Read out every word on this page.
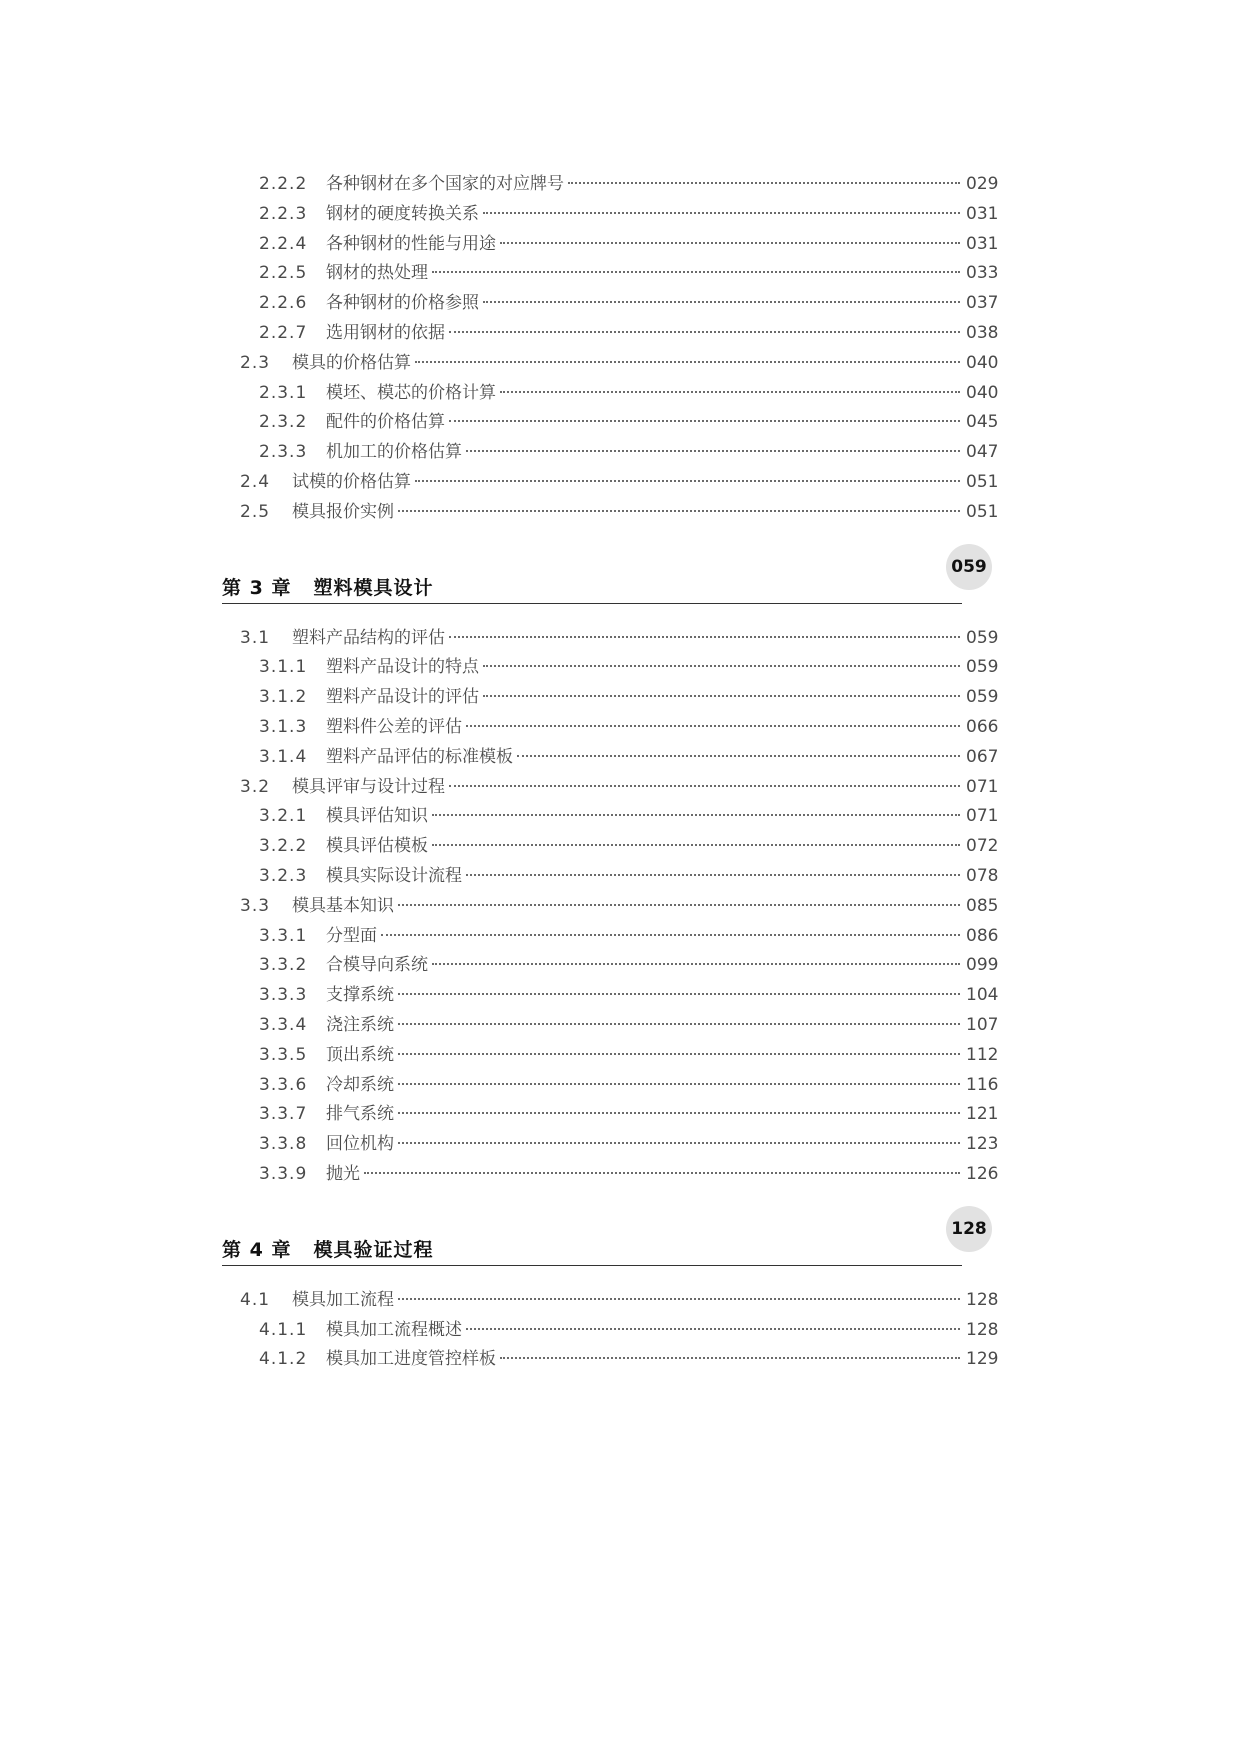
2.2.2	各种钢材在多个国家的对应牌号	029
2.2.3	钢材的硬度转换关系	031
2.2.4	各种钢材的性能与用途	031
2.2.5	钢材的热处理	033
2.2.6	各种钢材的价格参照	037
2.2.7	选用钢材的依据	038
2.3	模具的价格估算	040
2.3.1	模坯、模芯的价格计算	040
2.3.2	配件的价格估算	045
2.3.3	机加工的价格估算	047
2.4	试模的价格估算	051
2.5	模具报价实例	051
第 3 章 塑料模具设计
059
3.1	塑料产品结构的评估	059
3.1.1	塑料产品设计的特点	059
3.1.2	塑料产品设计的评估	059
3.1.3	塑料件公差的评估	066
3.1.4	塑料产品评估的标准模板	067
3.2	模具评审与设计过程	071
3.2.1	模具评估知识	071
3.2.2	模具评估模板	072
3.2.3	模具实际设计流程	078
3.3	模具基本知识	085
3.3.1	分型面	086
3.3.2	合模导向系统	099
3.3.3	支撑系统	104
3.3.4	浇注系统	107
3.3.5	顶出系统	112
3.3.6	冷却系统	116
3.3.7	排气系统	121
3.3.8	回位机构	123
3.3.9	抛光	126
第 4 章 模具验证过程
128
4.1	模具加工流程	128
4.1.1	模具加工流程概述	128
4.1.2	模具加工进度管控样板	129
